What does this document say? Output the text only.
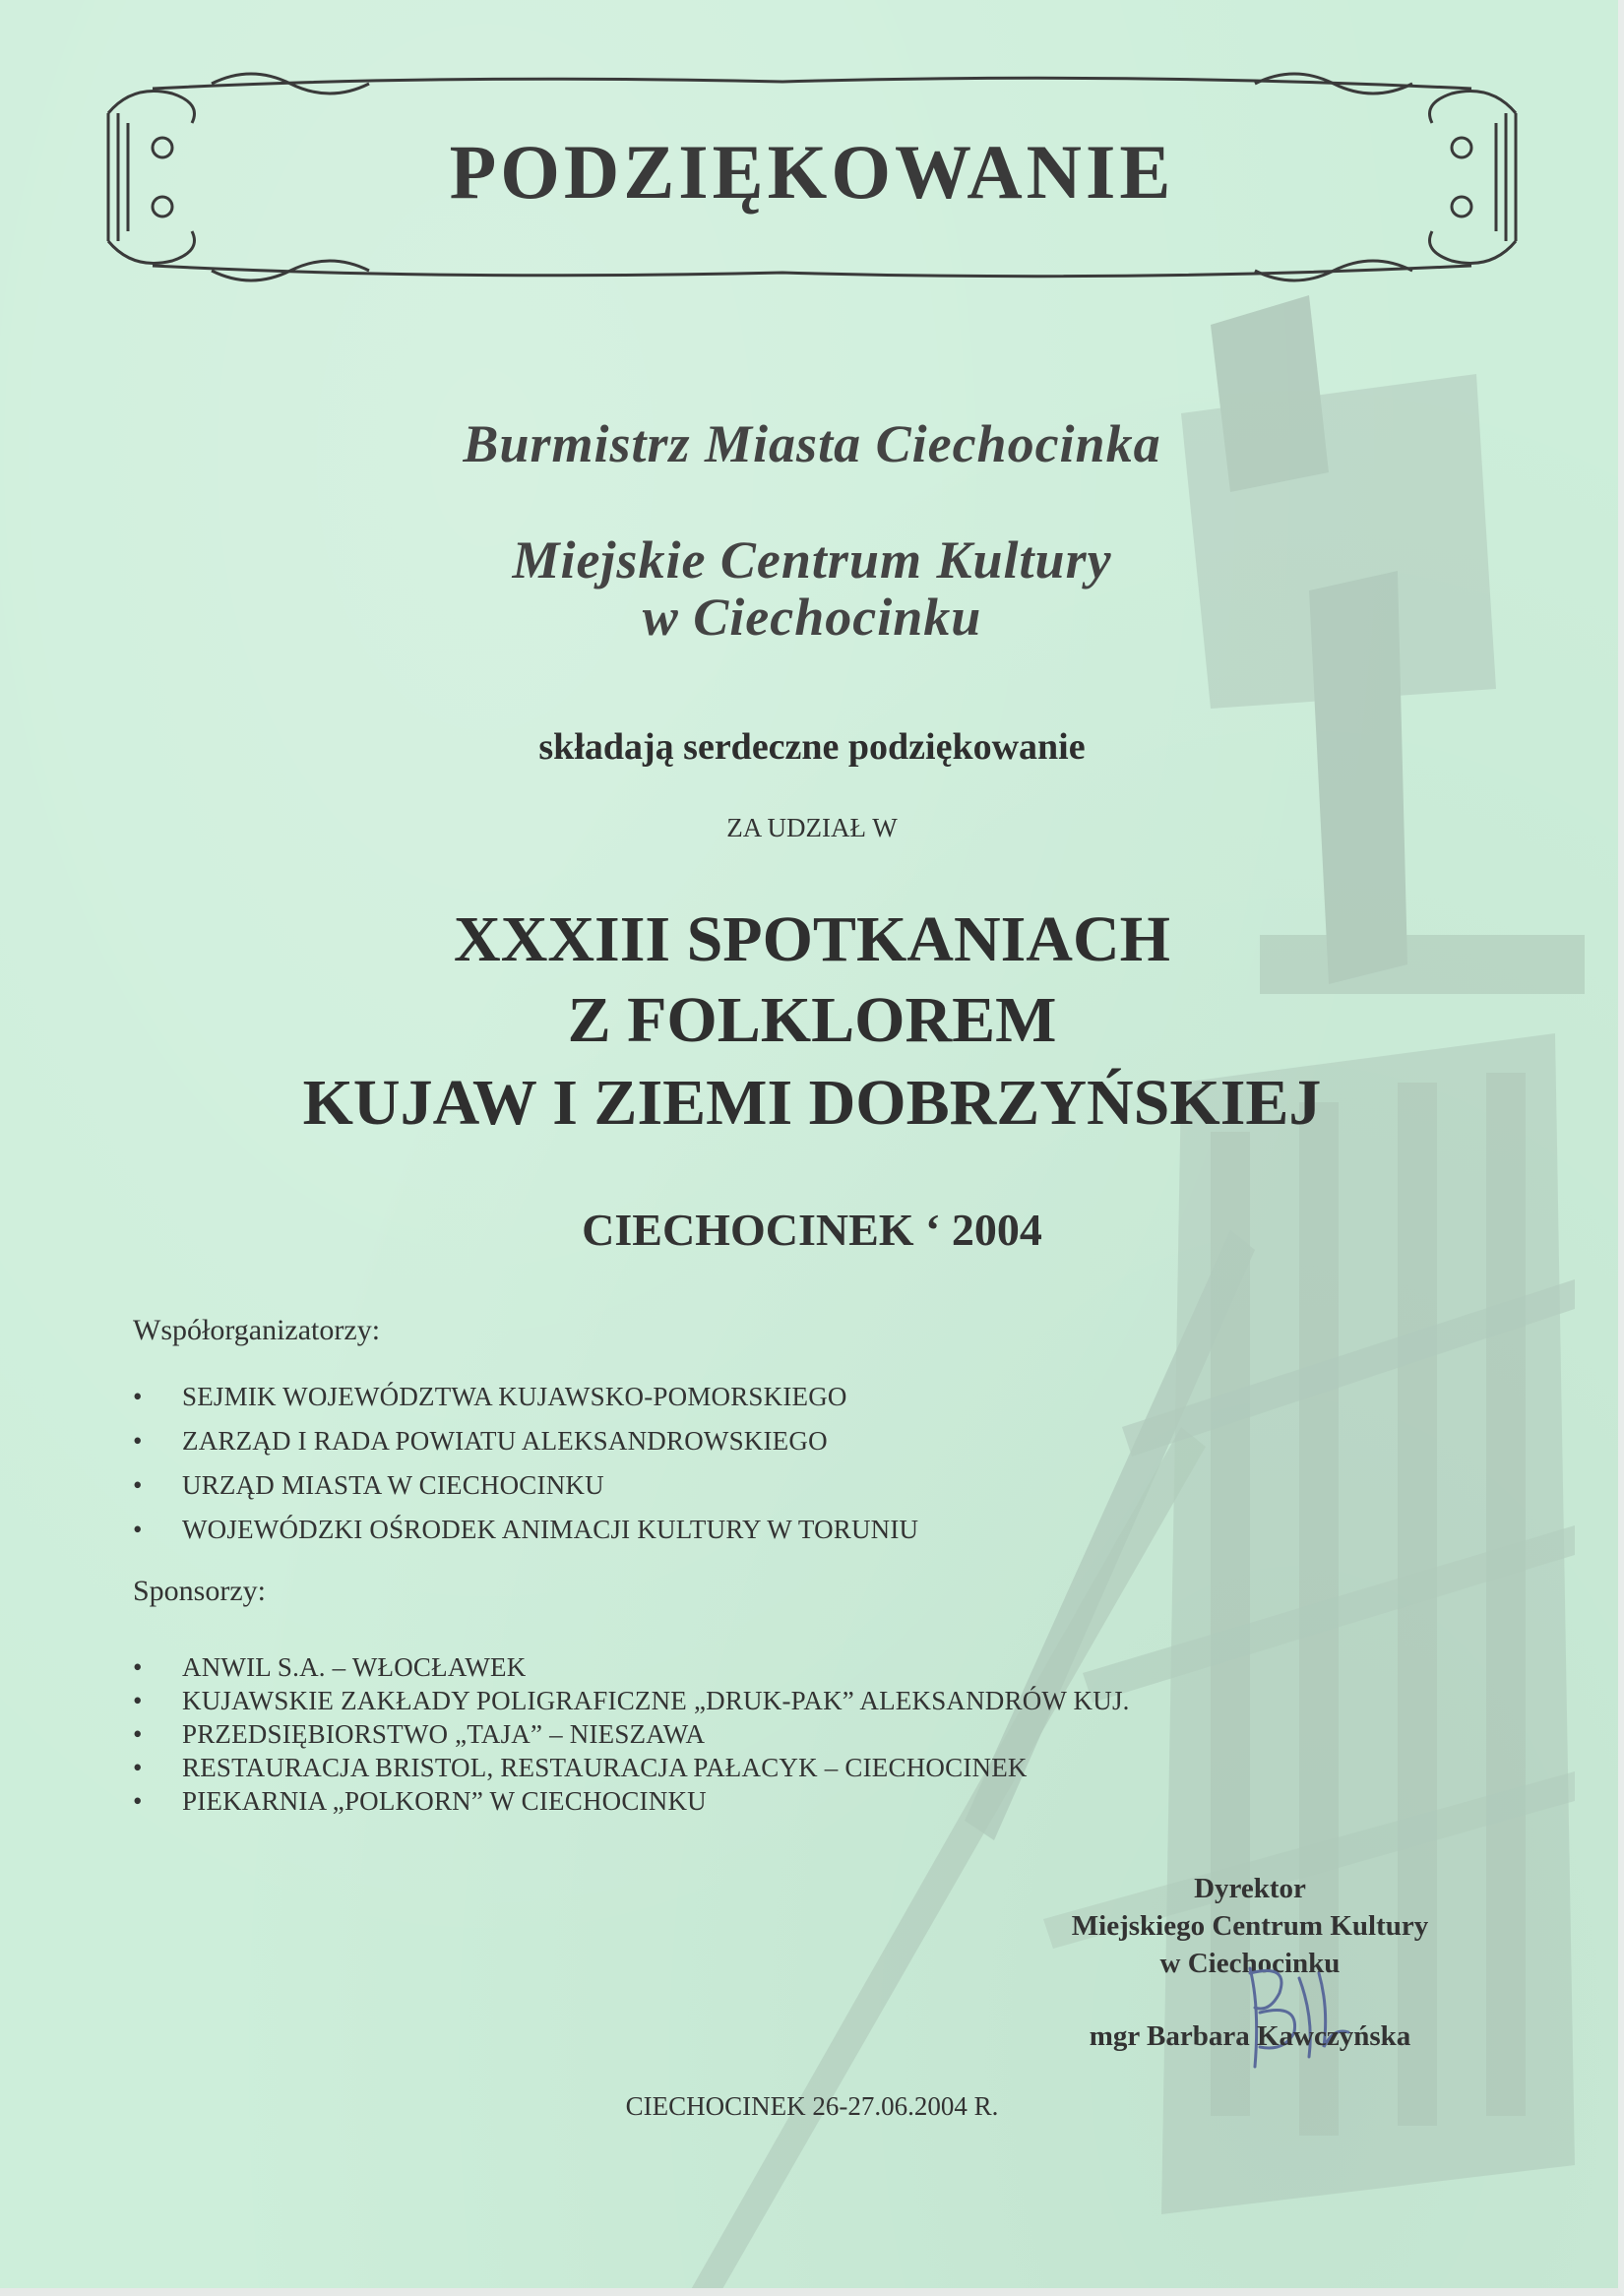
PODZIĘKOWANIE
Burmistrz Miasta Ciechocinka
Miejskie Centrum Kultury
w Ciechocinku
składają serdeczne podziękowanie
ZA UDZIAŁ W
XXXIII SPOTKANIACH
Z FOLKLOREM
KUJAW I ZIEMI DOBRZYŃSKIEJ
CIECHOCINEK ‘ 2004
Współorganizatorzy:
• SEJMIK WOJEWÓDZTWA KUJAWSKO-POMORSKIEGO
• ZARZĄD I RADA POWIATU ALEKSANDROWSKIEGO
• URZĄD MIASTA W CIECHOCINKU
• WOJEWÓDZKI OŚRODEK ANIMACJI KULTURY W TORUNIU
Sponsorzy:
• ANWIL S.A. – WŁOCŁAWEK
• KUJAWSKIE ZAKŁADY POLIGRAFICZNE „DRUK-PAK” ALEKSANDRÓW KUJ.
• PRZEDSIĘBIORSTWO „TAJA” – NIESZAWA
• RESTAURACJA BRISTOL, RESTAURACJA PAŁACYK – CIECHOCINEK
• PIEKARNIA „POLKORN” W CIECHOCINKU
Dyrektor
Miejskiego Centrum Kultury
w Ciechocinku
mgr Barbara Kawczyńska
CIECHOCINEK 26-27.06.2004 R.
